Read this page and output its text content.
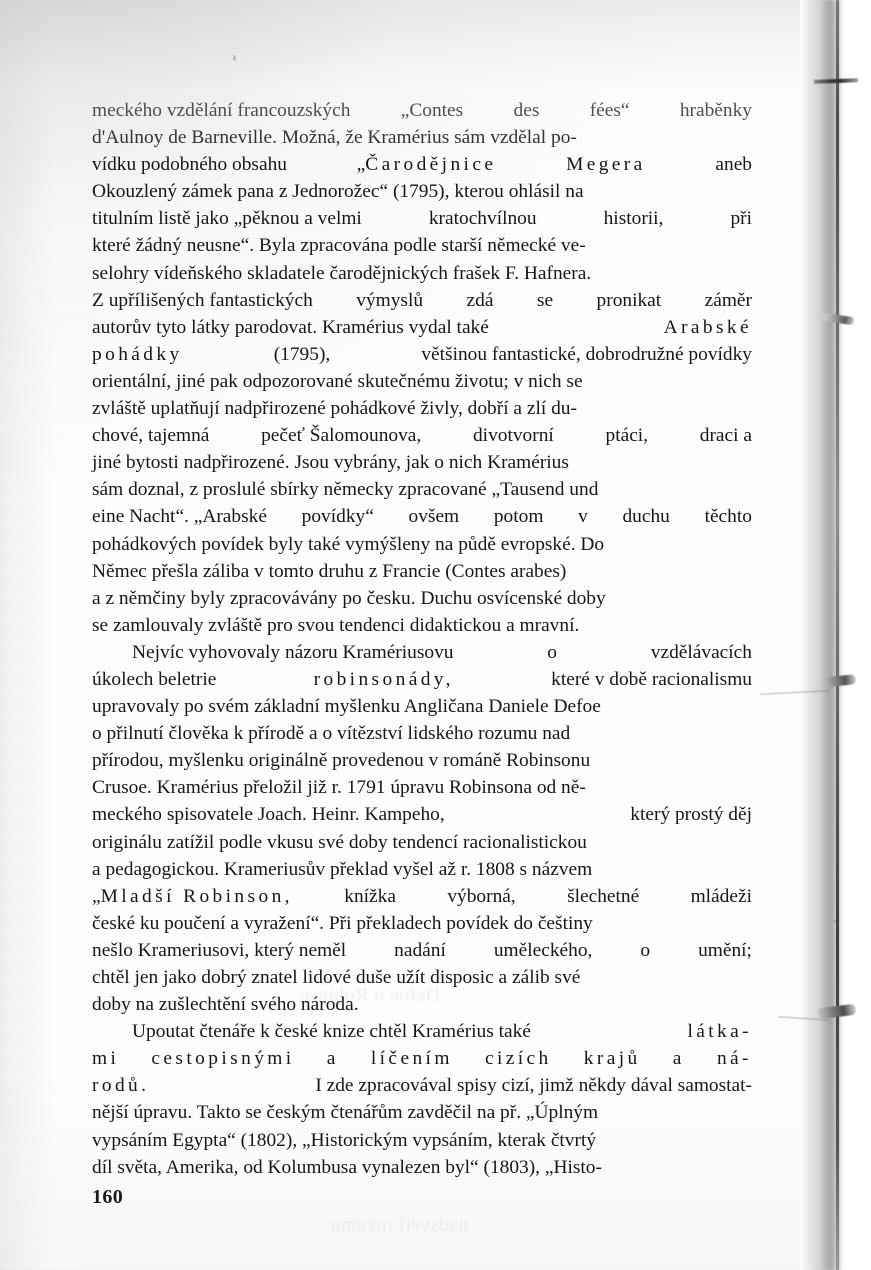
Defoe o Robinse
nadsvetl rozumu

meckého vzdělání francouzských	„Contes	des	fées“	hraběnky
d'Aulnoy de Barneville. Možná, že Kramérius sám vzdělal po-
vídku podobného obsahu	„Čarodějnice	Megera	aneb
Okouzlený zámek pana z Jednorožec“ (1795), kterou ohlásil na
titulním listě jako „pěknou a velmi	kratochvílnou	historii,	při
které žádný neusne“. Byla zpracována podle starší německé ve-
selohry vídeňského skladatele čarodějnických frašek F. Hafnera.
Z upřílišených fantastických výmyslů zdá se pronikat záměr
autorův tyto látky parodovat. Kramérius vydal také	Arabské
pohádky	(1795),	většinou fantastické, dobrodružné povídky
orientální, jiné pak odpozorované skutečnému životu; v nich se
zvláště uplatňují nadpřirozené pohádkové živly, dobří a zlí du-
chové, tajemná	pečeť Šalomounova,	divotvorní	ptáci,	draci a
jiné bytosti nadpřirozené. Jsou vybrány, jak o nich Kramérius
sám doznal, z proslulé sbírky německy zpracované „Tausend und
eine Nacht“. „Arabské povídky“ ovšem potom v duchu těchto
pohádkových povídek byly také vymýšleny na půdě evropské. Do
Němec přešla záliba v tomto druhu z Francie (Contes arabes)
a z němčiny byly zpracovávány po česku. Duchu osvícenské doby
se zamlouvaly zvláště pro svou tendenci didaktickou a mravní.

Nejvíc vyhovovaly názoru Kramériusovu	o	vzdělávacích
úkolech beletrie	robinsonády,	které v době racionalismu
upravovaly po svém základní myšlenku Angličana Daniele Defoe
o přilnutí člověka k přírodě a o vítězství lidského rozumu nad
přírodou, myšlenku originálně provedenou v románě Robinsonu
Crusoe. Kramérius přeložil již r. 1791 úpravu Robinsona od ně-
meckého spisovatele Joach. Heinr. Kampeho,	který prostý děj
originálu zatížil podle vkusu své doby tendencí racionalistickou
a pedagogickou. Krameriusův překlad vyšel až r. 1808 s názvem
„Mladší Robinson,	knížka	výborná,	šlechetné	mládeži
české ku poučení a vyražení“. Při překladech povídek do češtiny
nešlo Krameriusovi, který neměl nadání uměleckého, o umění;
chtěl jen jako dobrý znatel lidové duše užít disposic a zálib své
doby na zušlechtění svého národa.

Upoutat čtenáře k české knize chtěl Kramérius také	látka-
mi cestopisnými a líčením cizích krajů a ná-
rodů.	I zde zpracovával spisy cizí, jimž někdy dával samostat-
nější úpravu. Takto se českým čtenářům zavděčil na př. „Úplným
vypsáním Egypta“ (1802), „Historickým vypsáním, kterak čtvrtý
díl světa, Amerika, od Kolumbusa vynalezen byl“ (1803), „Histo-

160
